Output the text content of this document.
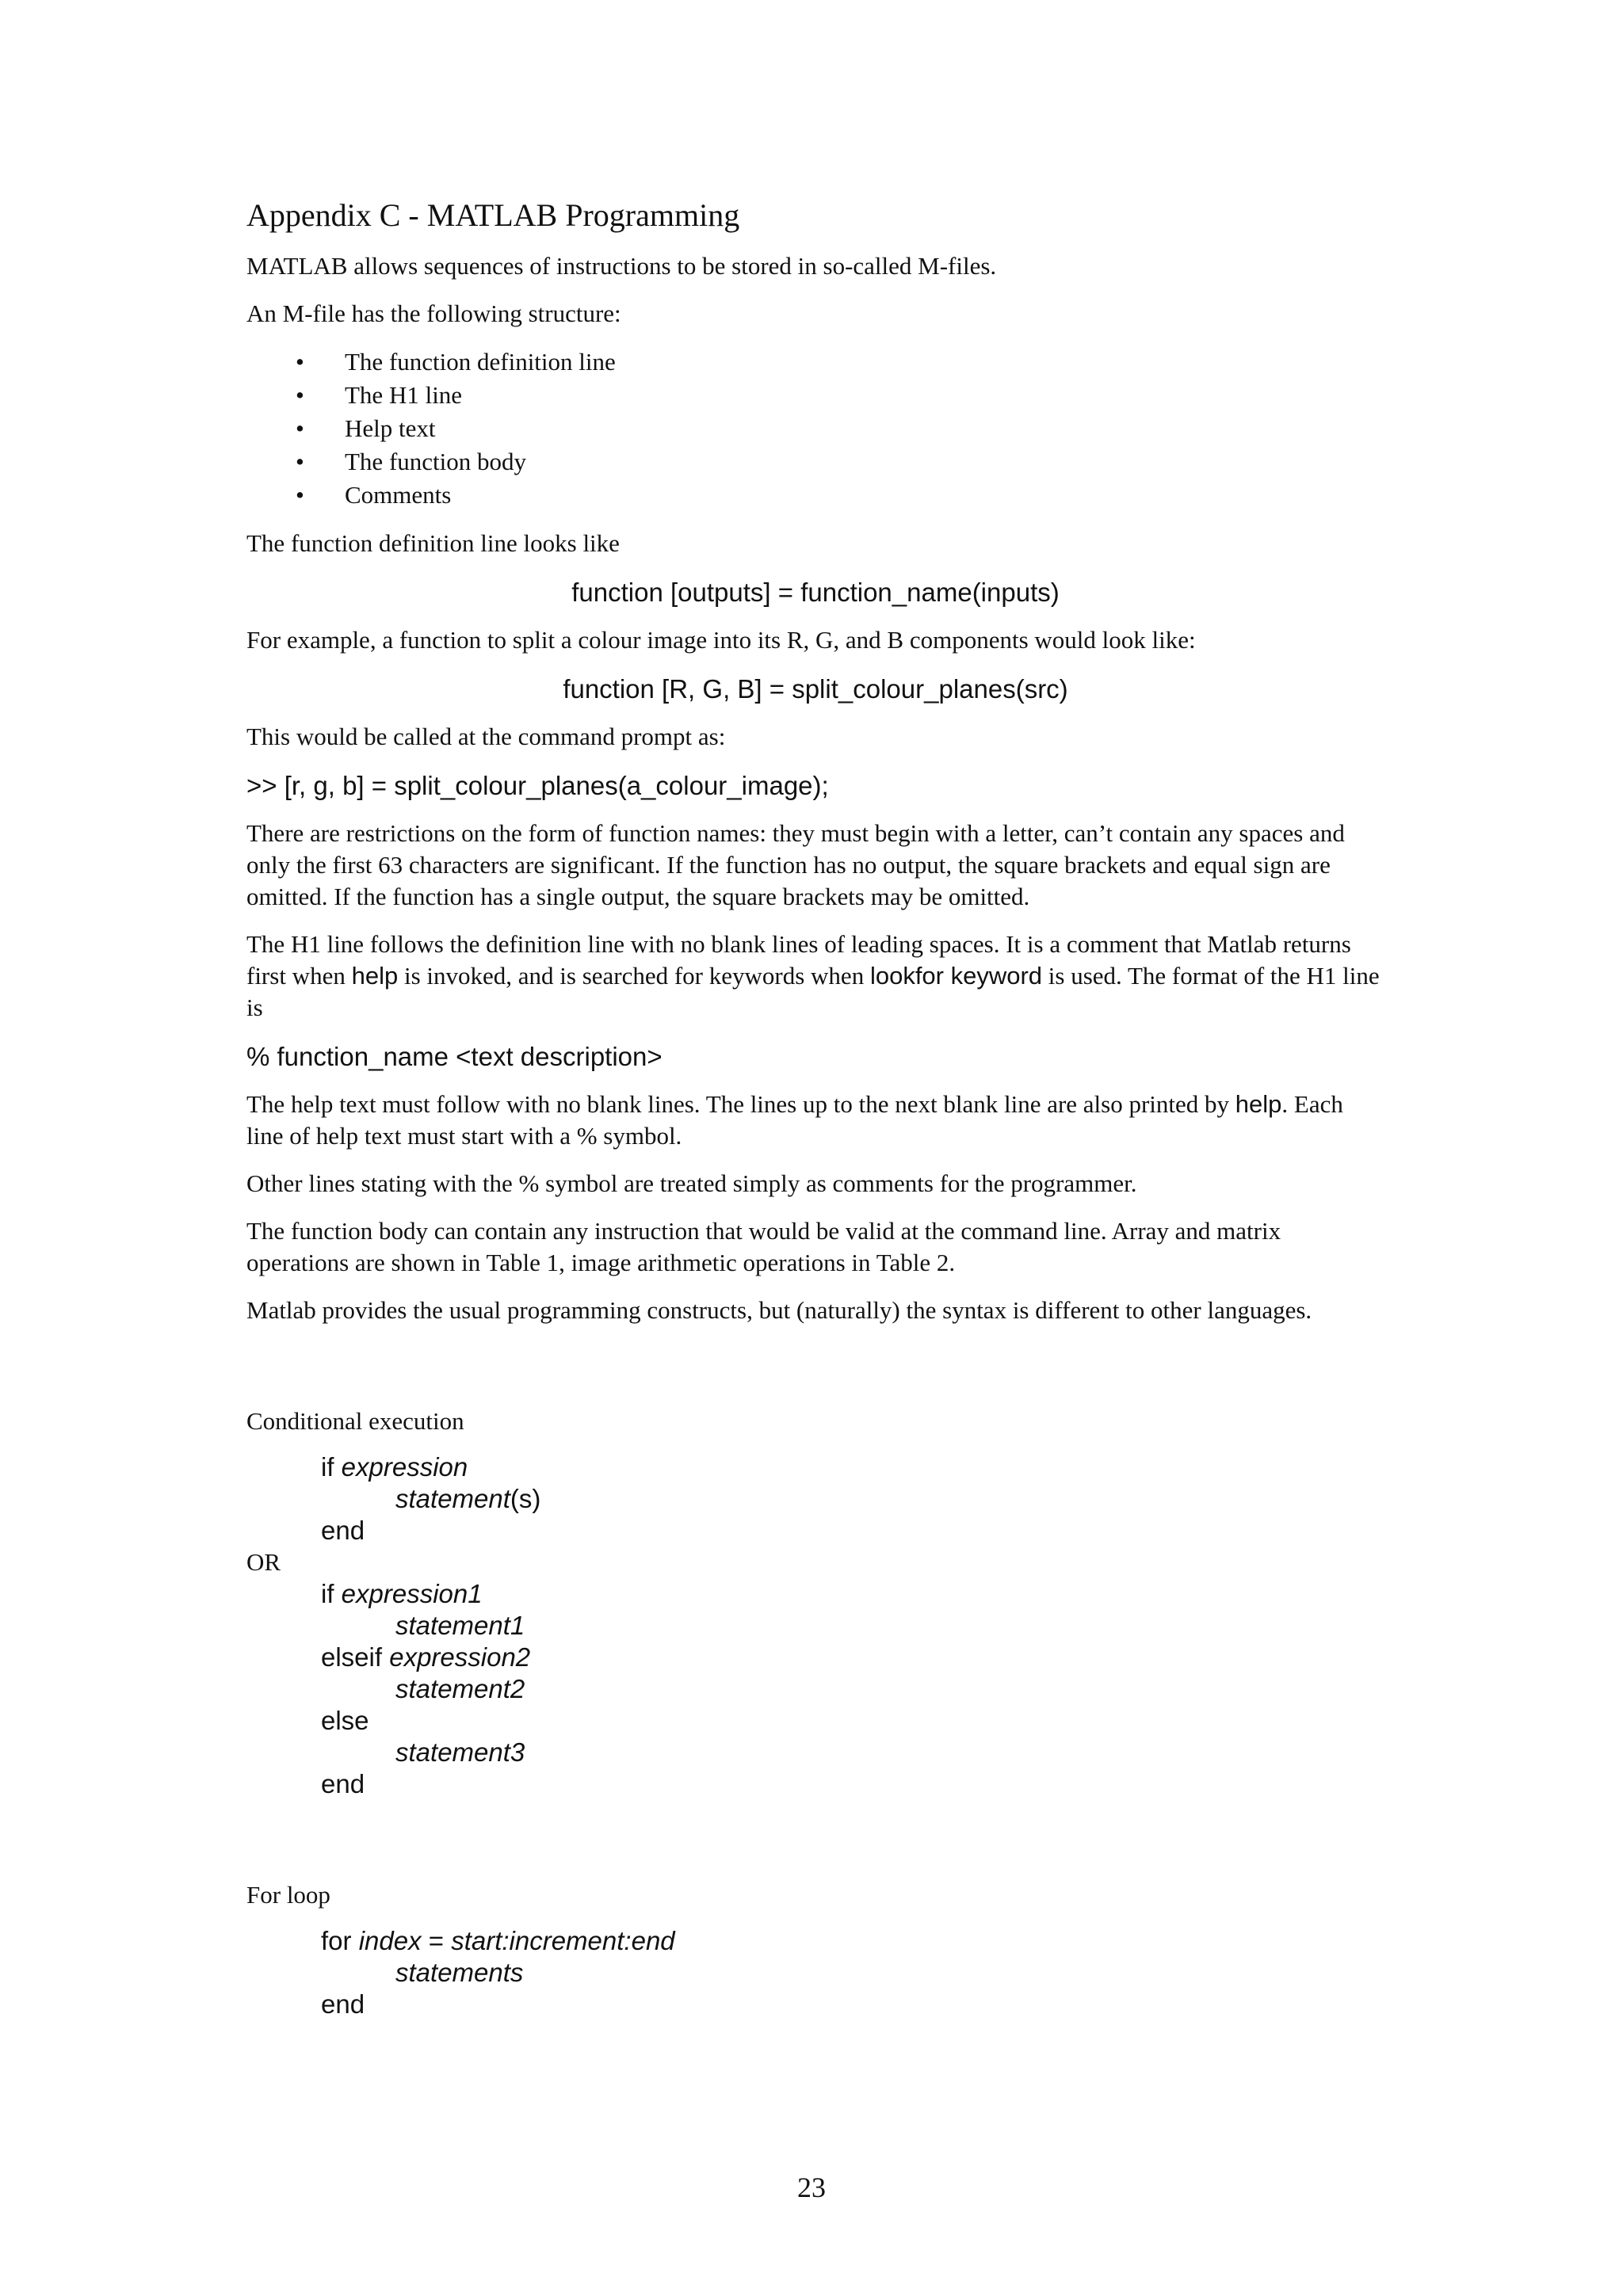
Appendix C - MATLAB Programming

MATLAB allows sequences of instructions to be stored in so-called M-files.

An M-file has the following structure:

• The function definition line
• The H1 line
• Help text
• The function body
• Comments

The function definition line looks like

function [outputs] = function_name(inputs)

For example, a function to split a colour image into its R, G, and B components would look like:

function [R, G, B] = split_colour_planes(src)

This would be called at the command prompt as:

>> [r, g, b] = split_colour_planes(a_colour_image);

There are restrictions on the form of function names: they must begin with a letter, can’t contain any spaces and only the first 63 characters are significant. If the function has no output, the square brackets and equal sign are omitted. If the function has a single output, the square brackets may be omitted.

The H1 line follows the definition line with no blank lines of leading spaces. It is a comment that Matlab returns first when help is invoked, and is searched for keywords when lookfor keyword is used. The format of the H1 line is

% function_name <text description>

The help text must follow with no blank lines. The lines up to the next blank line are also printed by help. Each line of help text must start with a % symbol.

Other lines stating with the % symbol are treated simply as comments for the programmer.

The function body can contain any instruction that would be valid at the command line. Array and matrix operations are shown in Table 1, image arithmetic operations in Table 2.

Matlab provides the usual programming constructs, but (naturally) the syntax is different to other languages.

Conditional execution

if expression
statement(s)
end
OR
if expression1
statement1
elseif expression2
statement2
else
statement3
end

For loop

for index = start:increment:end
statements
end
23
